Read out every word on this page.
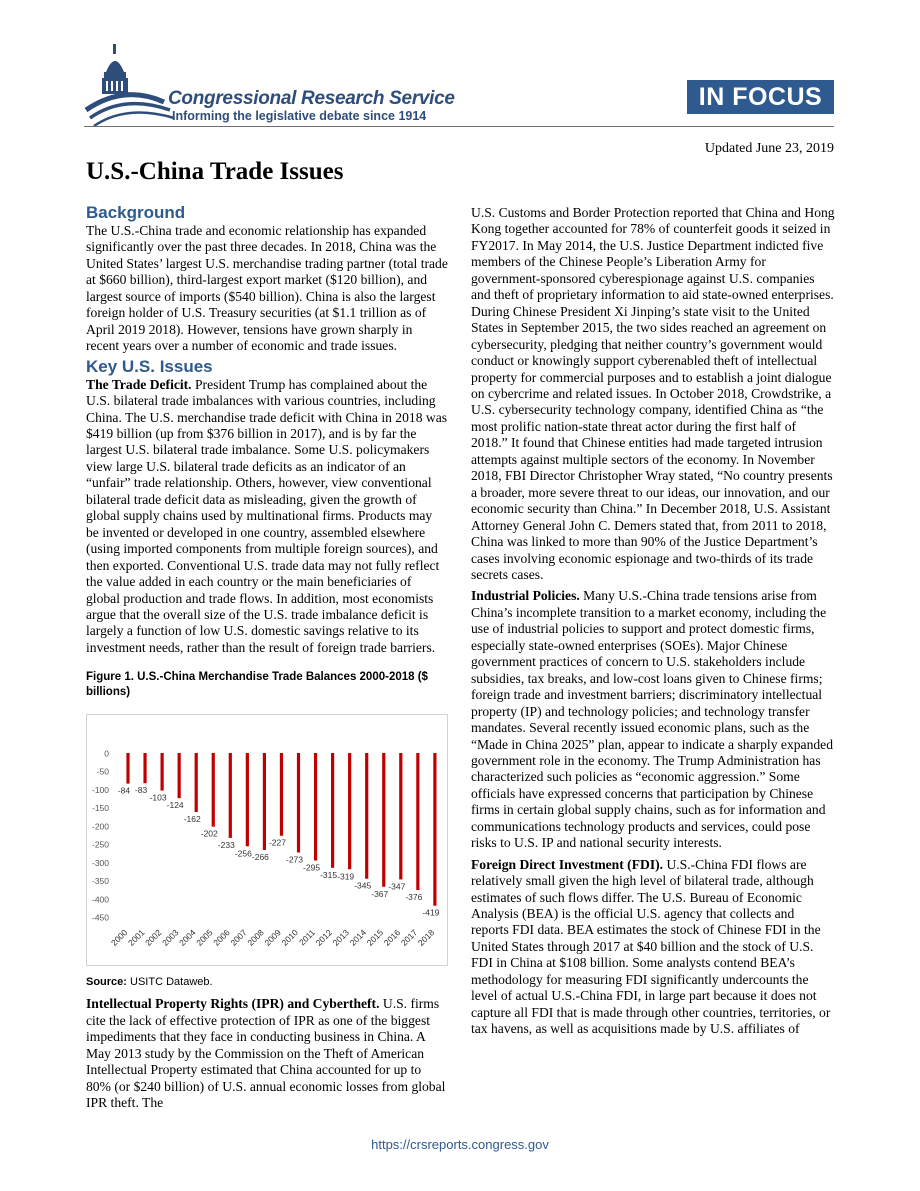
Congressional Research Service
Informing the legislative debate since 1914
IN FOCUS
Updated June 23, 2019
U.S.-China Trade Issues
Background

The U.S.-China trade and economic relationship has expanded significantly over the past three decades. In 2018, China was the United States’ largest U.S. merchandise trading partner (total trade at $660 billion), third-largest export market ($120 billion), and largest source of imports ($540 billion). China is also the largest foreign holder of U.S. Treasury securities (at $1.1 trillion as of April 2019 2018). However, tensions have grown sharply in recent years over a number of economic and trade issues.

Key U.S. Issues

The Trade Deficit. President Trump has complained about the U.S. bilateral trade imbalances with various countries, including China. The U.S. merchandise trade deficit with China in 2018 was $419 billion (up from $376 billion in 2017), and is by far the largest U.S. bilateral trade imbalance. Some U.S. policymakers view large U.S. bilateral trade deficits as an indicator of an “unfair” trade relationship. Others, however, view conventional bilateral trade deficit data as misleading, given the growth of global supply chains used by multinational firms. Products may be invented or developed in one country, assembled elsewhere (using imported components from multiple foreign sources), and then exported. Conventional U.S. trade data may not fully reflect the value added in each country or the main beneficiaries of global production and trade flows. In addition, most economists argue that the overall size of the U.S. trade imbalance deficit is largely a function of low U.S. domestic savings relative to its investment needs, rather than the result of foreign trade barriers.

Figure 1. U.S.-China Merchandise Trade Balances 2000-2018 ($ billions)
0
-50
-100
-150
-200
-250
-300
-350
-400
-450
-84
2000
-83
2001
-103
2002
-124
2003
-162
2004
-202
2005
-233
2006
-256
2007
-266
2008
-227
2009
-273
2010
-295
2011
-315
2012
-319
2013
-345
2014
-367
2015
-347
2016
-376
2017
-419
2018
Source: USITC Dataweb.

Intellectual Property Rights (IPR) and Cybertheft. U.S. firms cite the lack of effective protection of IPR as one of the biggest impediments that they face in conducting business in China. A May 2013 study by the Commission on the Theft of American Intellectual Property estimated that China accounted for up to 80% (or $240 billion) of U.S. annual economic losses from global IPR theft. The

U.S. Customs and Border Protection reported that China and Hong Kong together accounted for 78% of counterfeit goods it seized in FY2017. In May 2014, the U.S. Justice Department indicted five members of the Chinese People’s Liberation Army for government-sponsored cyberespionage against U.S. companies and theft of proprietary information to aid state-owned enterprises. During Chinese President Xi Jinping’s state visit to the United States in September 2015, the two sides reached an agreement on cybersecurity, pledging that neither country’s government would conduct or knowingly support cyberenabled theft of intellectual property for commercial purposes and to establish a joint dialogue on cybercrime and related issues. In October 2018, Crowdstrike, a U.S. cybersecurity technology company, identified China as “the most prolific nation-state threat actor during the first half of 2018.” It found that Chinese entities had made targeted intrusion attempts against multiple sectors of the economy. In November 2018, FBI Director Christopher Wray stated, “No country presents a broader, more severe threat to our ideas, our innovation, and our economic security than China.” In December 2018, U.S. Assistant Attorney General John C. Demers stated that, from 2011 to 2018, China was linked to more than 90% of the Justice Department’s cases involving economic espionage and two-thirds of its trade secrets cases.

Industrial Policies. Many U.S.-China trade tensions arise from China’s incomplete transition to a market economy, including the use of industrial policies to support and protect domestic firms, especially state-owned enterprises (SOEs). Major Chinese government practices of concern to U.S. stakeholders include subsidies, tax breaks, and low-cost loans given to Chinese firms; foreign trade and investment barriers; discriminatory intellectual property (IP) and technology policies; and technology transfer mandates. Several recently issued economic plans, such as the “Made in China 2025” plan, appear to indicate a sharply expanded government role in the economy. The Trump Administration has characterized such policies as “economic aggression.” Some officials have expressed concerns that participation by Chinese firms in certain global supply chains, such as for information and communications technology products and services, could pose risks to U.S. IP and national security interests.

Foreign Direct Investment (FDI). U.S.-China FDI flows are relatively small given the high level of bilateral trade, although estimates of such flows differ. The U.S. Bureau of Economic Analysis (BEA) is the official U.S. agency that collects and reports FDI data. BEA estimates the stock of Chinese FDI in the United States through 2017 at $40 billion and the stock of U.S. FDI in China at $108 billion. Some analysts contend BEA’s methodology for measuring FDI significantly undercounts the level of actual U.S.-China FDI, in large part because it does not capture all FDI that is made through other countries, territories, or tax havens, as well as acquisitions made by U.S. affiliates of

https://crsreports.congress.gov
